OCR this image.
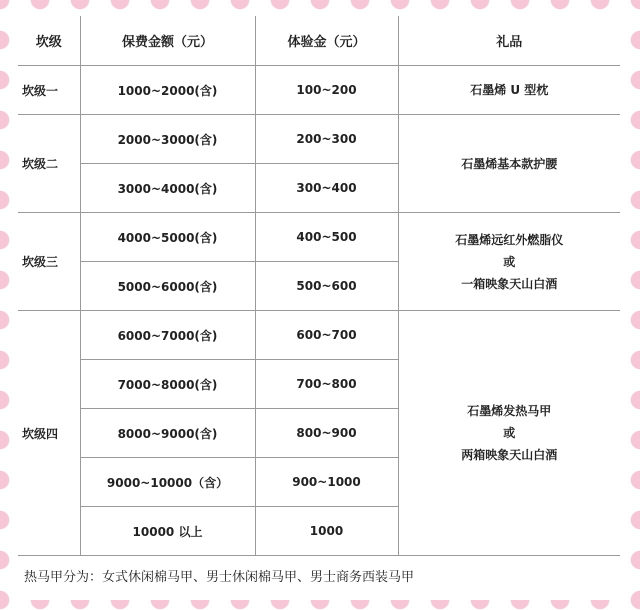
坎级	保费金额（元）	体验金（元）	礼品
坎级一	1000~2000(含)	100~200	石墨烯 U 型枕

坎级二	2000~3000(含)	200~300	石墨烯基本款护腰

	3000~4000(含)	300~400	
坎级三	4000~5000(含)	400~500	石墨烯远红外燃脂仪
或
一箱映象天山白酒

	5000~6000(含)	500~600	
坎级四	6000~7000(含)	600~700	石墨烯发热马甲
或
两箱映象天山白酒

	7000~8000(含)	700~800	
	8000~9000(含)	800~900	
	9000~10000（含）	900~1000	
	10000 以上	1000	
热马甲分为：女式休闲棉马甲、男士休闲棉马甲、男士商务西装马甲
